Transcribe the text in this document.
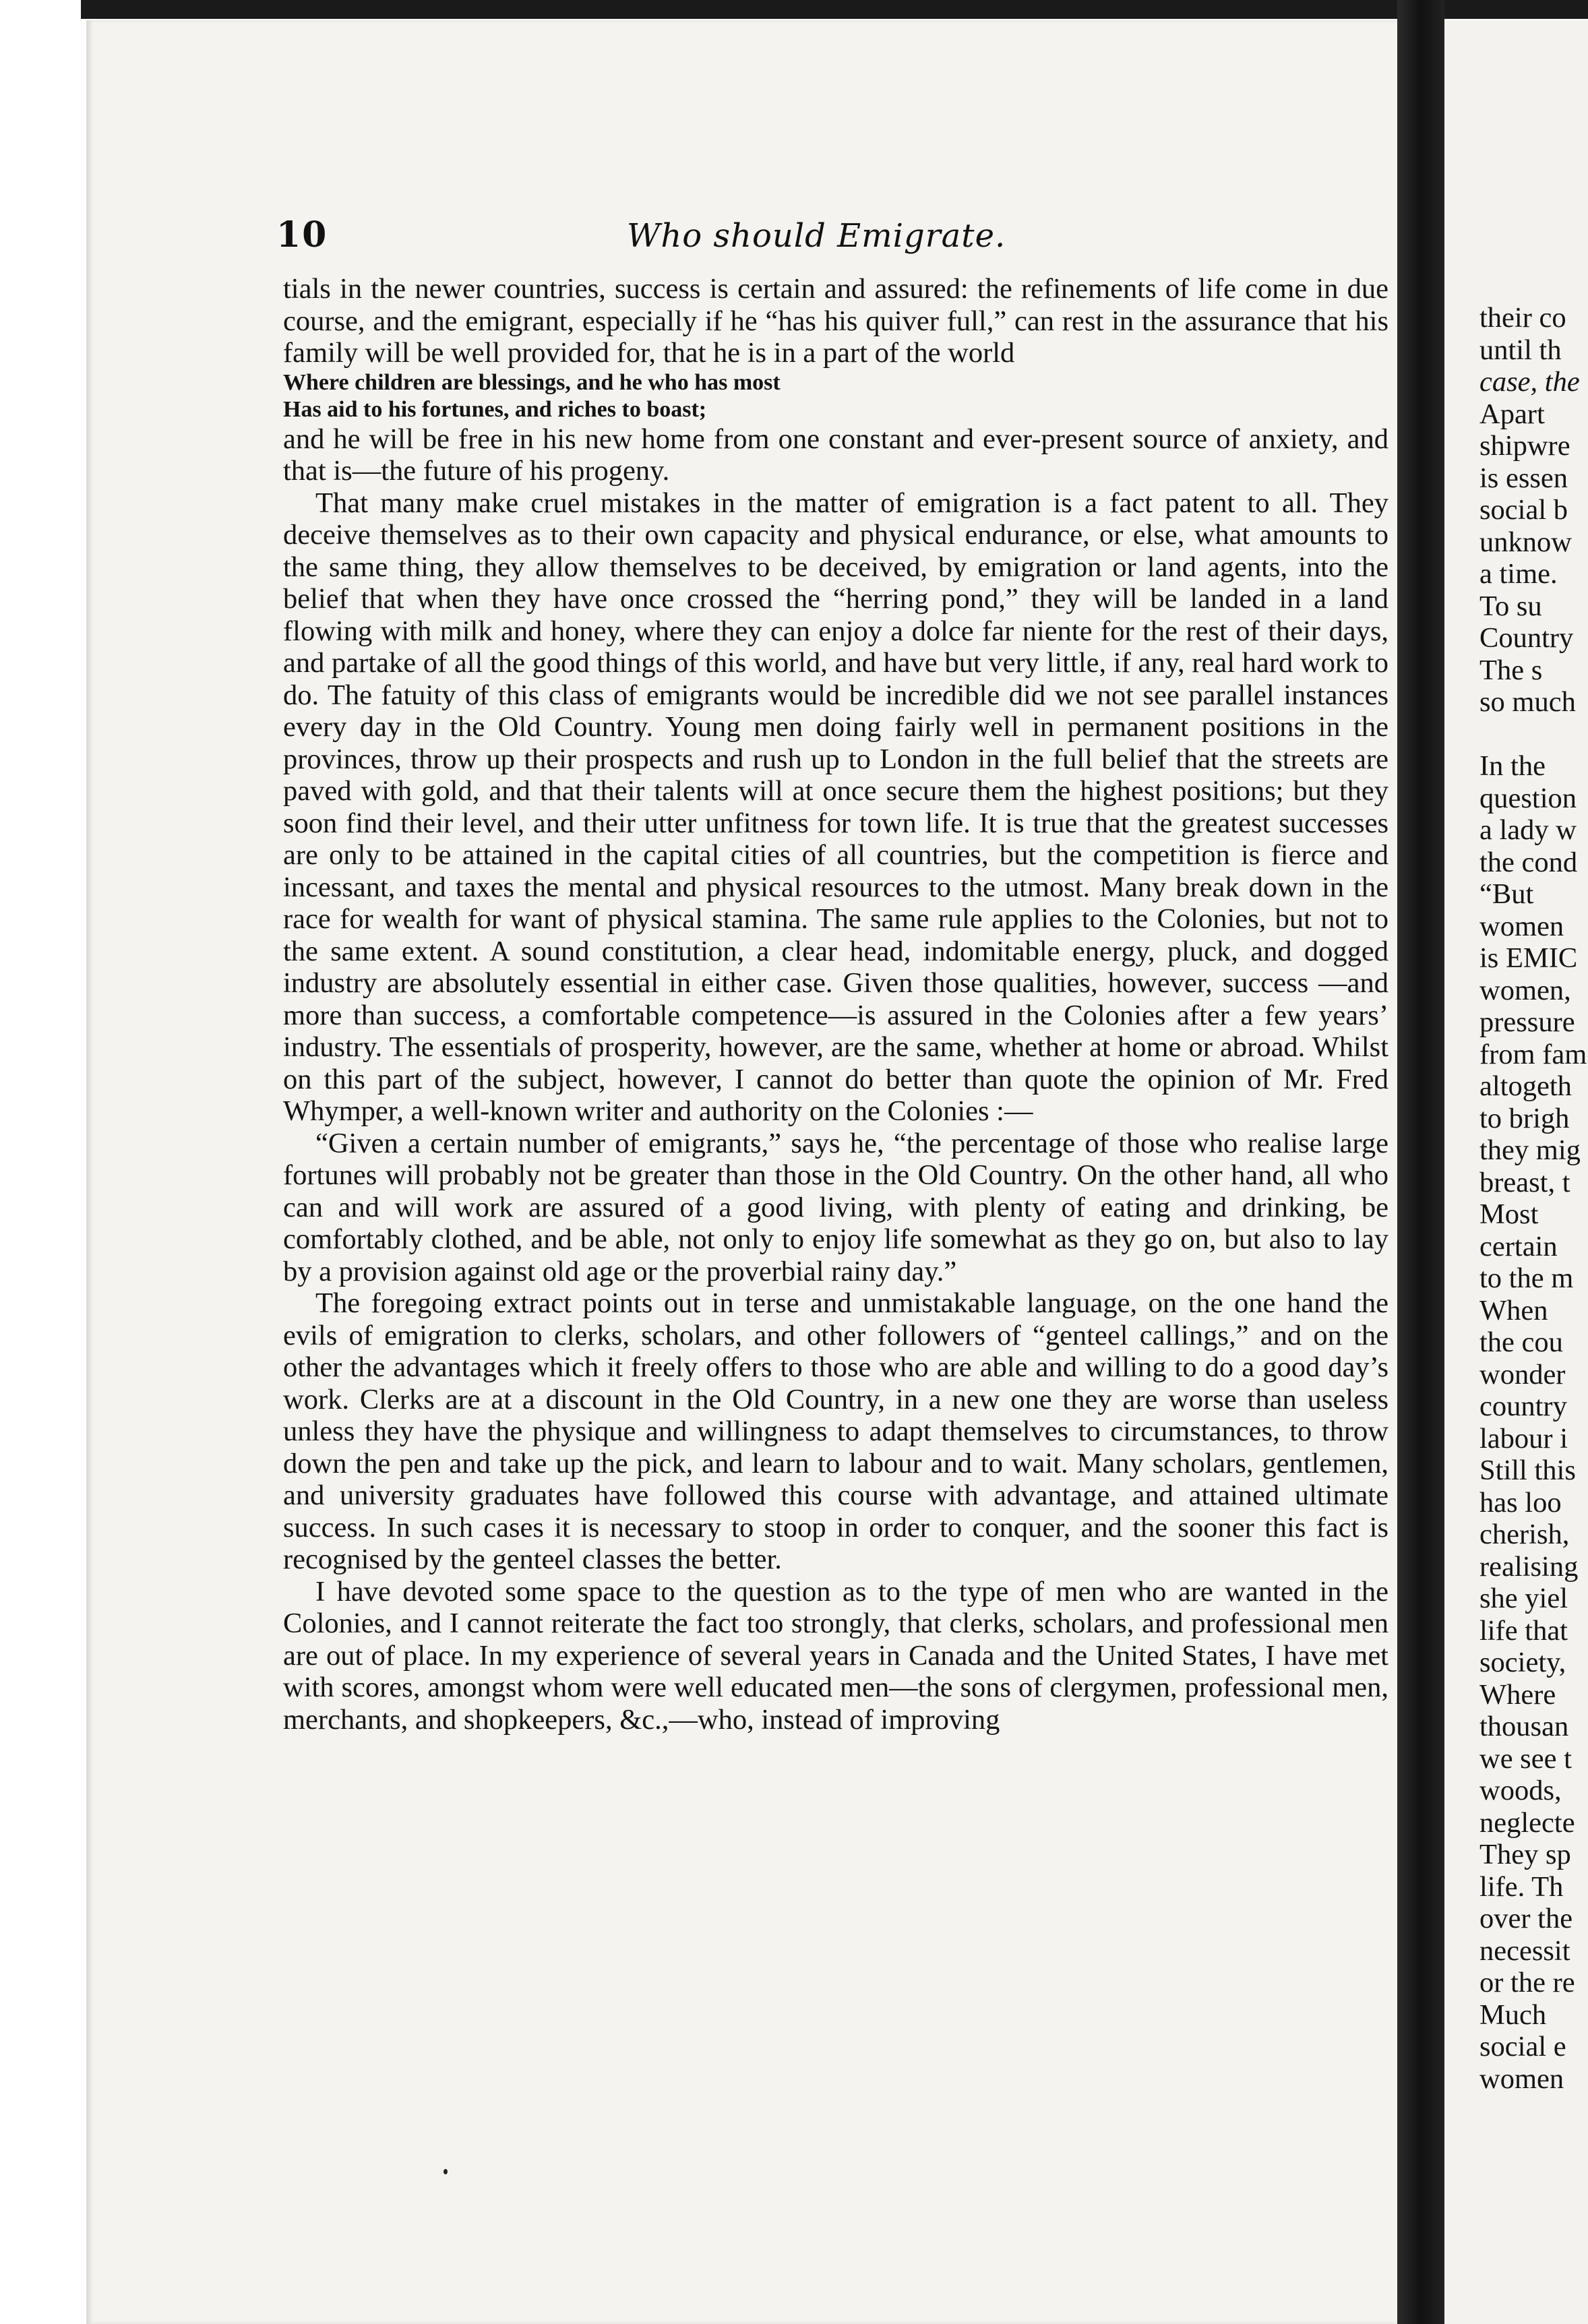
10	Who should Emigrate.

tials in the newer countries, success is certain and assured: the refinements of life come in due course, and the emigrant, especially if he “has his quiver full,” can rest in the assurance that his family will be well provided for, that he is in a part of the world

Where children are blessings, and he who has most

Has aid to his fortunes, and riches to boast;

and he will be free in his new home from one constant and ever-present source of anxiety, and that is—the future of his progeny.

That many make cruel mistakes in the matter of emigration is a fact patent to all. They deceive themselves as to their own capacity and physical endurance, or else, what amounts to the same thing, they allow themselves to be deceived, by emigration or land agents, into the belief that when they have once crossed the “herring pond,” they will be landed in a land flowing with milk and honey, where they can enjoy a dolce far niente for the rest of their days, and partake of all the good things of this world, and have but very little, if any, real hard work to do. The fatuity of this class of emigrants would be incredible did we not see parallel instances every day in the Old Country. Young men doing fairly well in permanent positions in the provinces, throw up their prospects and rush up to London in the full belief that the streets are paved with gold, and that their talents will at once secure them the highest positions; but they soon find their level, and their utter unfitness for town life. It is true that the greatest successes are only to be attained in the capital cities of all countries, but the competition is fierce and incessant, and taxes the mental and physical resources to the utmost. Many break down in the race for wealth for want of physical stamina. The same rule applies to the Colonies, but not to the same extent. A sound constitution, a clear head, indomitable energy, pluck, and dogged industry are absolutely essential in either case. Given those qualities, however, success —and more than success, a comfortable competence—is assured in the Colonies after a few years’ industry. The essentials of prosperity, however, are the same, whether at home or abroad. Whilst on this part of the subject, however, I cannot do better than quote the opinion of Mr. Fred Whymper, a well-known writer and authority on the Colonies :—

“Given a certain number of emigrants,” says he, “the percentage of those who realise large fortunes will probably not be greater than those in the Old Country. On the other hand, all who can and will work are assured of a good living, with plenty of eating and drinking, be comfortably clothed, and be able, not only to enjoy life somewhat as they go on, but also to lay by a provision against old age or the proverbial rainy day.”

The foregoing extract points out in terse and unmistakable language, on the one hand the evils of emigration to clerks, scholars, and other followers of “genteel callings,” and on the other the advantages which it freely offers to those who are able and willing to do a good day’s work. Clerks are at a discount in the Old Country, in a new one they are worse than useless unless they have the physique and willingness to adapt themselves to circumstances, to throw down the pen and take up the pick, and learn to labour and to wait. Many scholars, gentlemen, and university graduates have followed this course with advantage, and attained ultimate success. In such cases it is necessary to stoop in order to conquer, and the sooner this fact is recognised by the genteel classes the better.

I have devoted some space to the question as to the type of men who are wanted in the Colonies, and I cannot reiterate the fact too strongly, that clerks, scholars, and professional men are out of place. In my experience of several years in Canada and the United States, I have met with scores, amongst whom were well educated men—the sons of clergymen, professional men, merchants, and shopkeepers, &c.,—who, instead of improving

their co
until th
case, the
Apart
shipwre
is essen
social b
unknow
a time.
To su
Country
The s
so much
In the
question
a lady w
the cond
“But
women
is EMIC
women,
pressure
from fam
altogeth
to brigh
they mig
breast, t
Most
certain
to the m
When
the cou
wonder
country
labour i
Still this
has loo
cherish,
realising
she yiel
life that
society,
Where
thousan
we see t
woods,
neglecte
They sp
life. Th
over the
necessit
or the re
Much
social e
women
